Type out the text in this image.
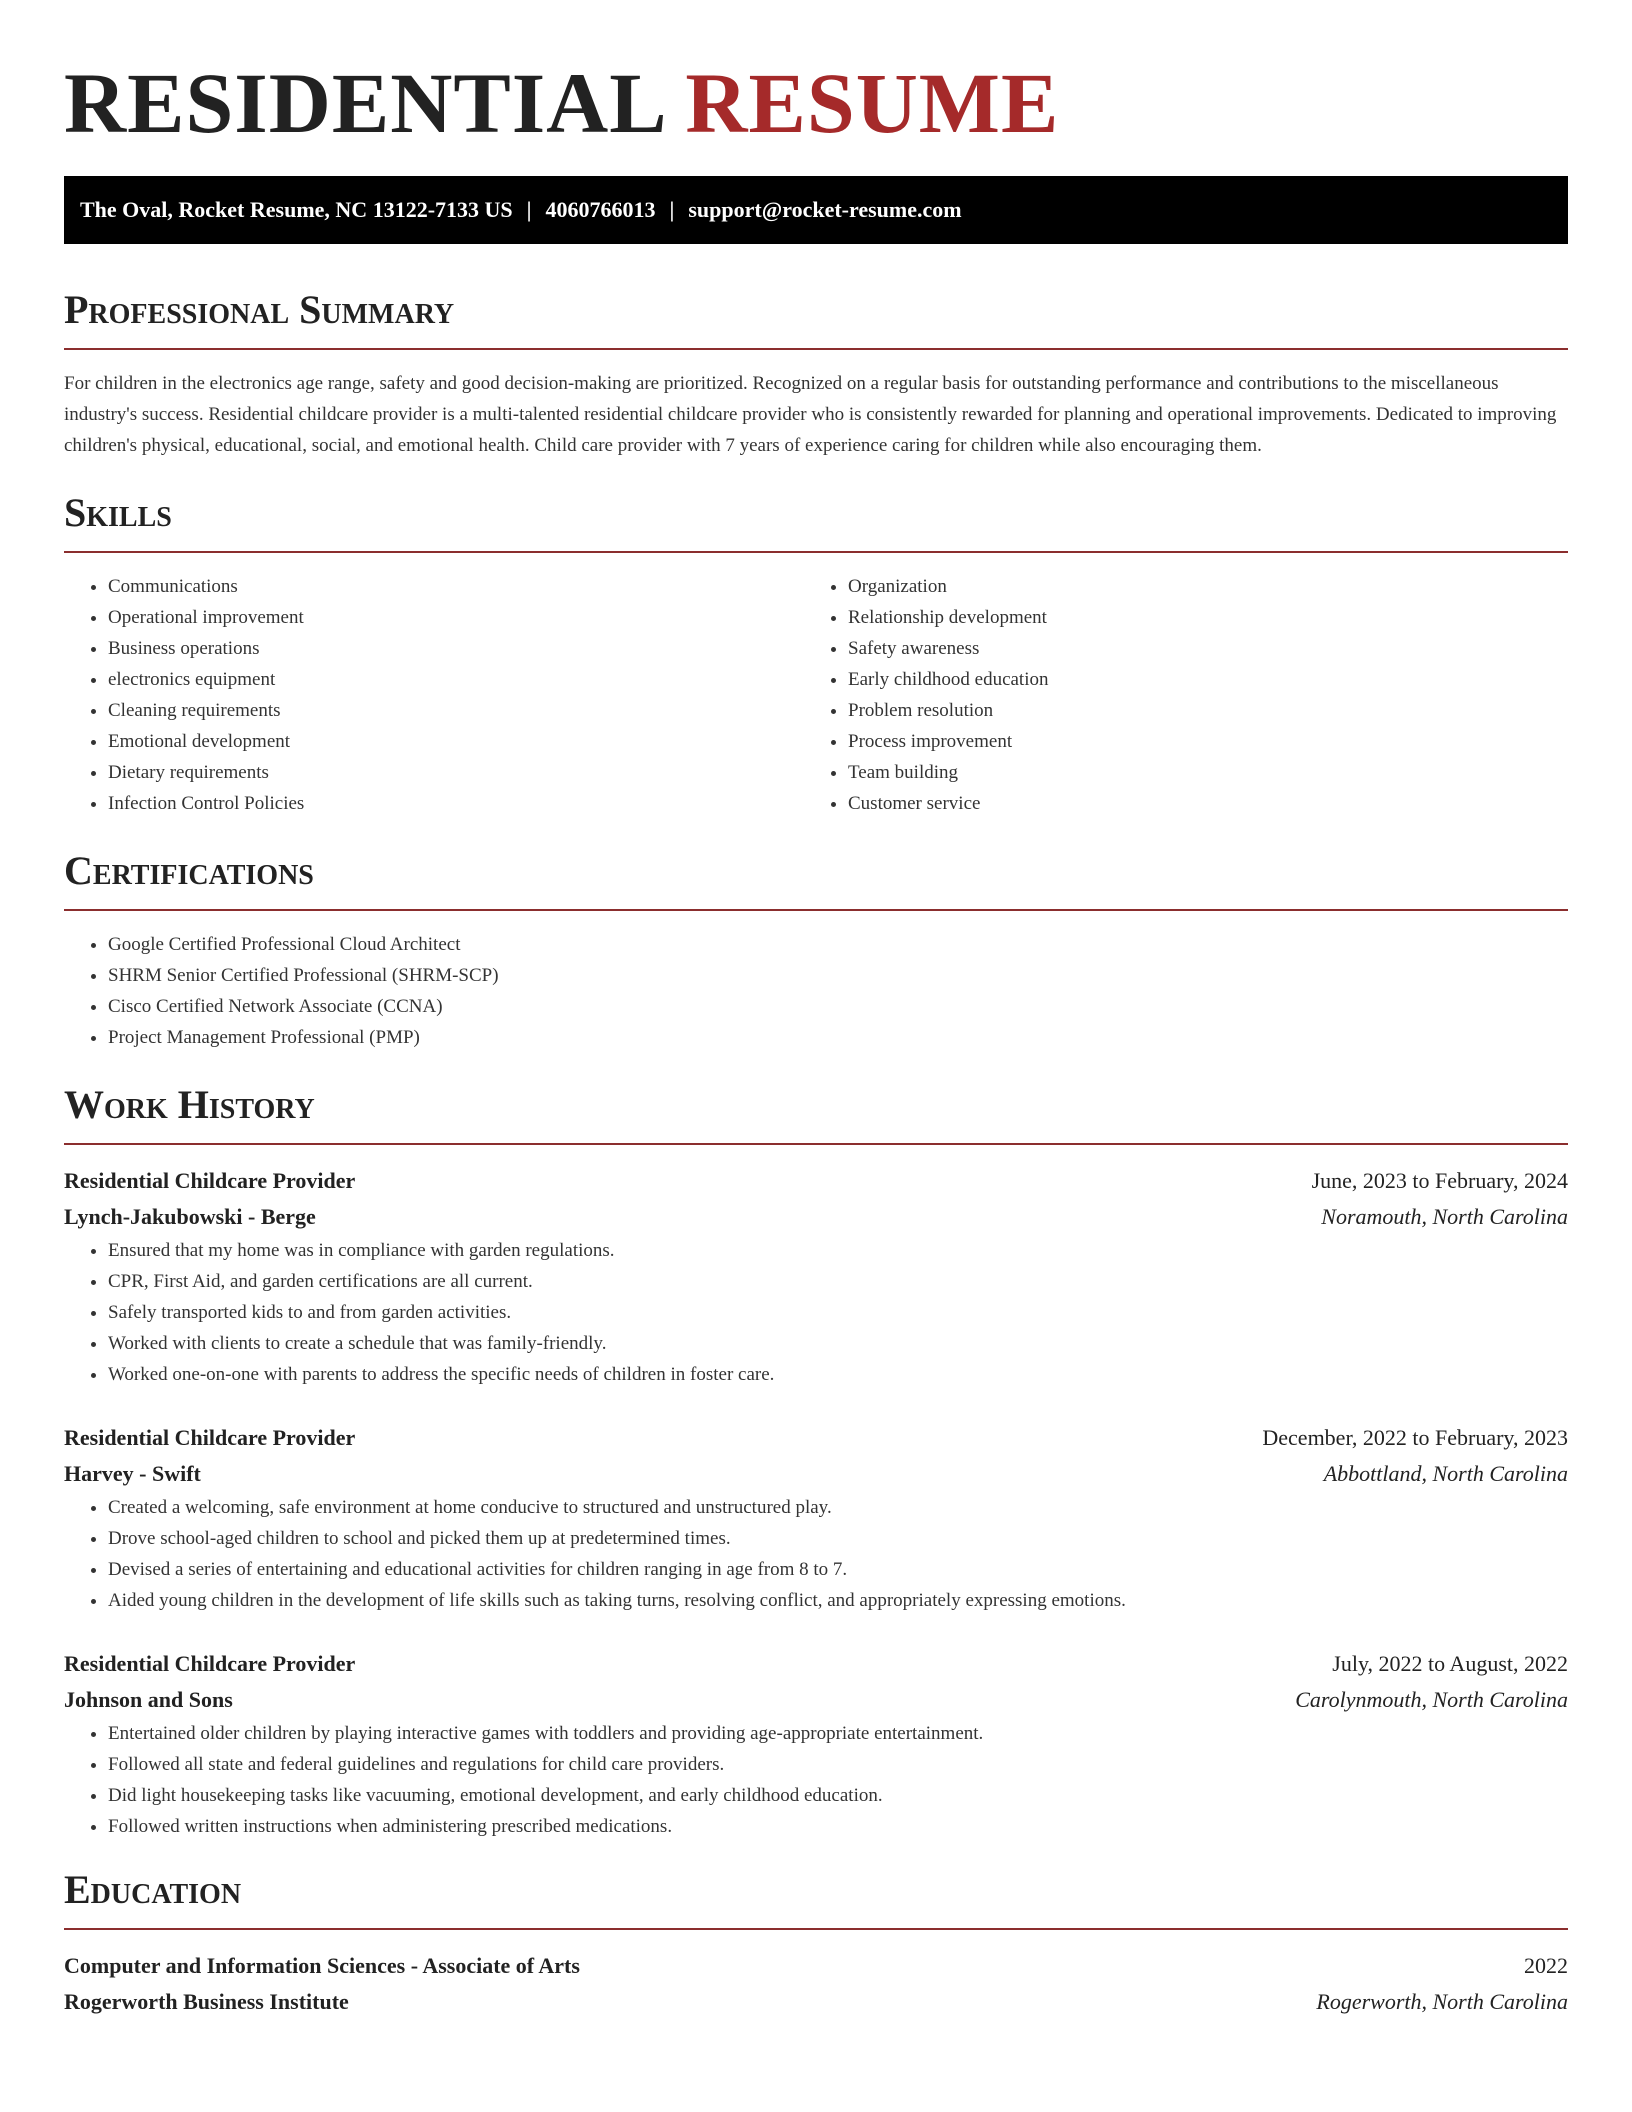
RESIDENTIAL RESUME
The Oval, Rocket Resume, NC 13122-7133 US | 4060766013 | support@rocket-resume.com
Professional Summary

For children in the electronics age range, safety and good decision-making are prioritized. Recognized on a regular basis for outstanding performance and contributions to the miscellaneous industry's success. Residential childcare provider is a multi-talented residential childcare provider who is consistently rewarded for planning and operational improvements. Dedicated to improving children's physical, educational, social, and emotional health. Child care provider with 7 years of experience caring for children while also encouraging them.

Skills
• Communications
• Operational improvement
• Business operations
• electronics equipment
• Cleaning requirements
• Emotional development
• Dietary requirements
• Infection Control Policies
• Organization
• Relationship development
• Safety awareness
• Early childhood education
• Problem resolution
• Process improvement
• Team building
• Customer service
Certifications
• Google Certified Professional Cloud Architect
• SHRM Senior Certified Professional (SHRM-SCP)
• Cisco Certified Network Associate (CCNA)
• Project Management Professional (PMP)
Work History
Residential Childcare Provider	June, 2023 to February, 2024
Lynch-Jakubowski - Berge	Noramouth, North Carolina
• Ensured that my home was in compliance with garden regulations.
• CPR, First Aid, and garden certifications are all current.
• Safely transported kids to and from garden activities.
• Worked with clients to create a schedule that was family-friendly.
• Worked one-on-one with parents to address the specific needs of children in foster care.
Residential Childcare Provider	December, 2022 to February, 2023
Harvey - Swift	Abbottland, North Carolina
• Created a welcoming, safe environment at home conducive to structured and unstructured play.
• Drove school-aged children to school and picked them up at predetermined times.
• Devised a series of entertaining and educational activities for children ranging in age from 8 to 7.
• Aided young children in the development of life skills such as taking turns, resolving conflict, and appropriately expressing emotions.
Residential Childcare Provider	July, 2022 to August, 2022
Johnson and Sons	Carolynmouth, North Carolina
• Entertained older children by playing interactive games with toddlers and providing age-appropriate entertainment.
• Followed all state and federal guidelines and regulations for child care providers.
• Did light housekeeping tasks like vacuuming, emotional development, and early childhood education.
• Followed written instructions when administering prescribed medications.
Education
Computer and Information Sciences - Associate of Arts	2022
Rogerworth Business Institute	Rogerworth, North Carolina
